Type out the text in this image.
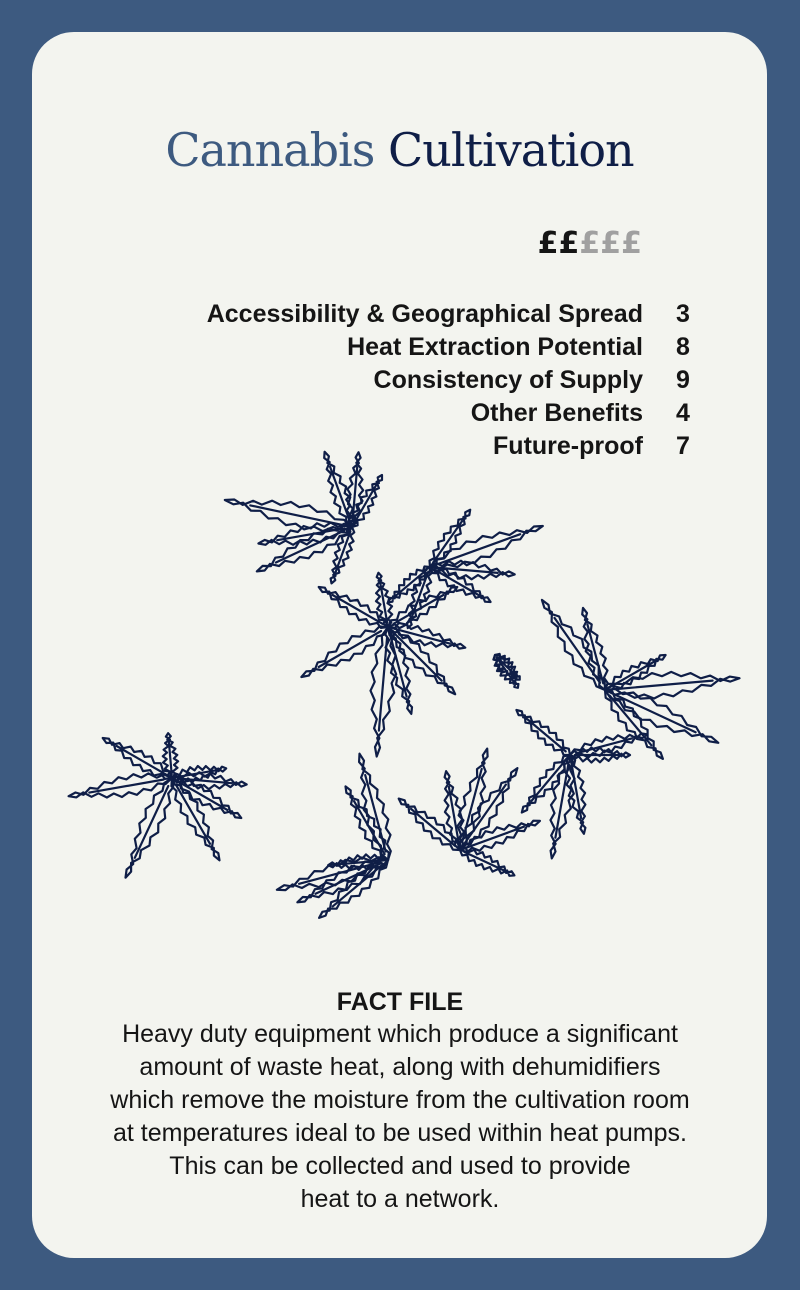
Cannabis Cultivation
£££££
Accessibility & Geographical Spread 3
Heat Extraction Potential 8
Consistency of Supply 9
Other Benefits 4
Future-proof 7
FACT FILE

Heavy duty equipment which produce a significant
amount of waste heat, along with dehumidifiers
which remove the moisture from the cultivation room
at temperatures ideal to be used within heat pumps.
This can be collected and used to provide
heat to a network.
